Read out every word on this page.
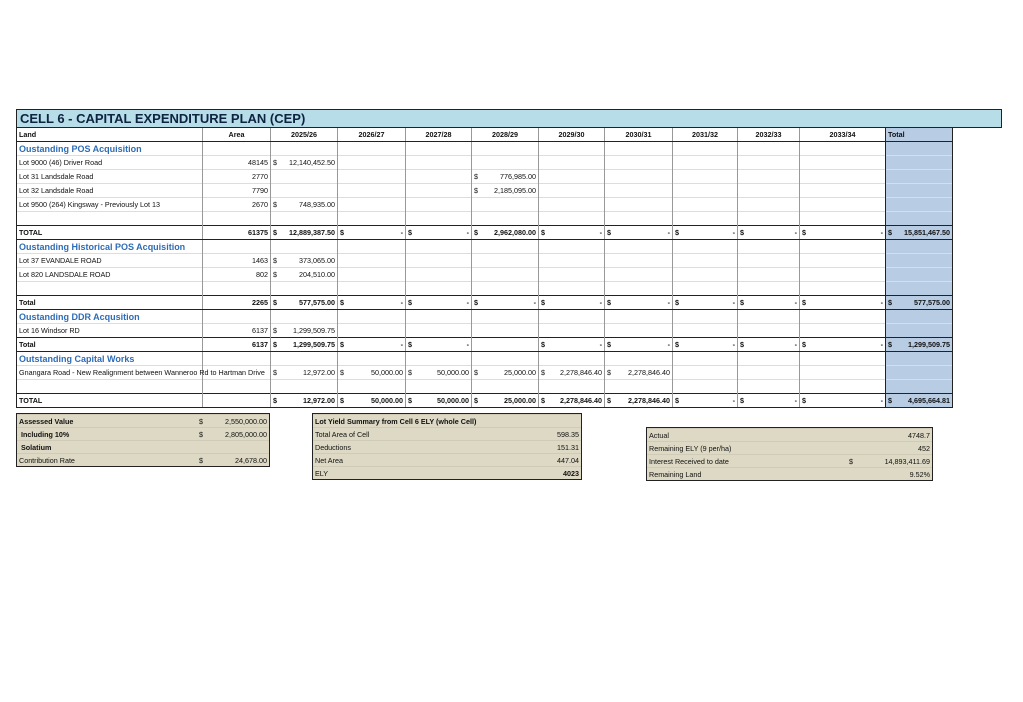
CELL 6 - CAPITAL EXPENDITURE PLAN (CEP)
Land	Area	2025/26	2026/27	2027/28	2028/29	2029/30	2030/31	2031/32	2032/33	2033/34	Total
Oustanding POS Acquisition											
Lot 9000 (46) Driver Road	48145	$ 12,140,452.50									

Lot 31 Landsdale Road	2770				$ 776,985.00						

Lot 32 Landsdale Road	7790				$ 2,185,095.00						

Lot 9500 (264) Kingsway - Previously Lot 13	2670	$ 748,935.00									

TOTAL	61375	$ 12,889,387.50	$ -	$ -	$ 2,962,080.00	$ -	$ -	$ -	$ -	$ -	$ 15,851,467.50

Oustanding Historical POS Acquisition											
Lot 37 EVANDALE ROAD	1463	$ 373,065.00									

Lot 820 LANDSDALE ROAD	802	$ 204,510.00									

Total	2265	$ 577,575.00	$ -	$ -	$ -	$ -	$ -	$ -	$ -	$ -	$ 577,575.00

Oustanding DDR Acqusition											
Lot 16 Windsor RD	6137	$ 1,299,509.75									

Total	6137	$ 1,299,509.75	$ -	$ -		$ -	$ -	$ -	$ -	$ -	$ 1,299,509.75

Outstanding Capital Works											
Gnangara Road - New Realignment between Wanneroo Rd to Hartman Drive		$ 12,972.00	$ 50,000.00	$ 50,000.00	$ 25,000.00	$ 2,278,846.40	$ 2,278,846.40				

TOTAL		$ 12,972.00	$ 50,000.00	$ 50,000.00	$ 25,000.00	$ 2,278,846.40	$ 2,278,846.40	$ -	$ -	$ -	$ 4,695,664.81
Assessed Value	$ 2,550,000.00

Including 10%	$ 2,805,000.00

Solatium	
Contribution Rate	$ 24,678.00
Lot Yield Summary from Cell 6 ELY (whole Cell)	
Total Area of Cell	598.35
Deductions	151.31
Net Area	447.04
ELY	4023
Actual		4748.7
Remaining ELY (9 per/ha)		452
Interest Received to date	$	14,893,411.69
Remaining Land		9.52%
